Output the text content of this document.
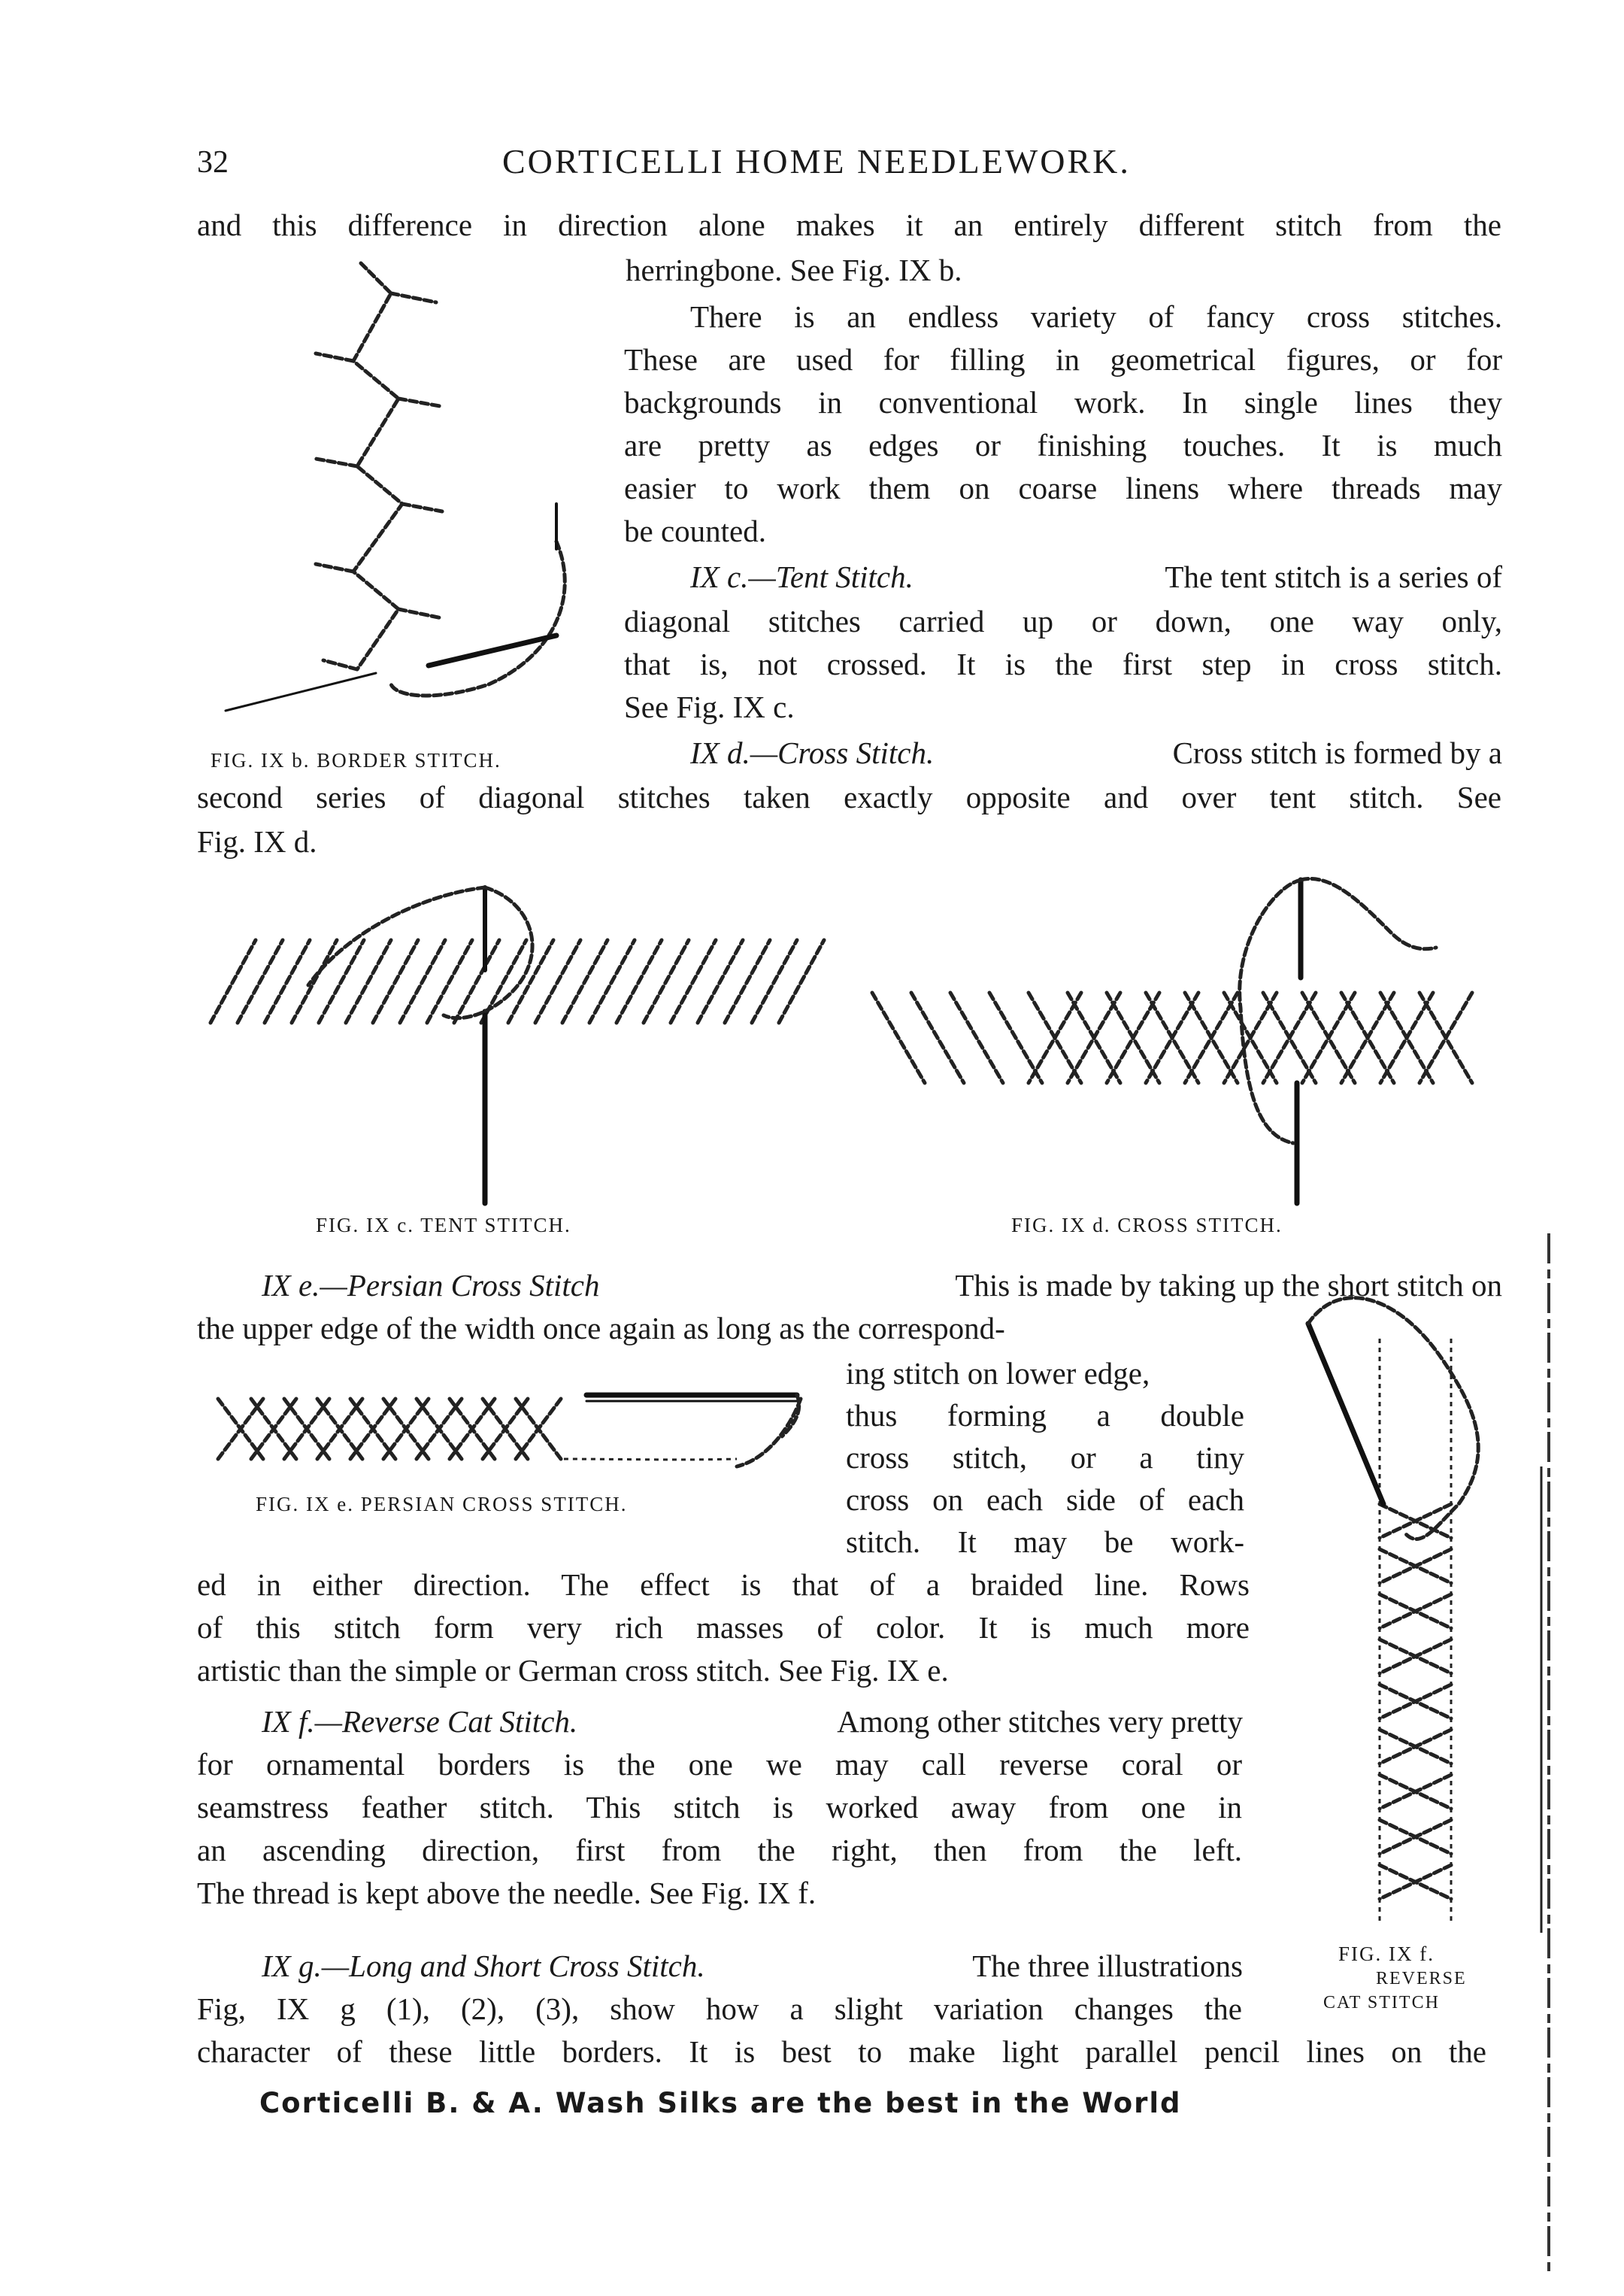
32	CORTICELLI HOME NEEDLEWORK.
and this difference in direction alone makes it an entirely different stitch from the
herringbone. See Fig. IX b.
There is an endless variety of fancy cross stitches.
These are used for filling in geometrical figures, or for
backgrounds in conventional work. In single lines they
are pretty as edges or finishing touches. It is much
easier to work them on coarse linens where threads may
be counted.
IX c.—Tent Stitch.	The tent stitch is a series of
diagonal stitches carried up or down, one way only,
that is, not crossed. It is the first step in cross stitch.
See Fig. IX c.
IX d.—Cross Stitch.	Cross stitch is formed by a
second series of diagonal stitches taken exactly opposite and over tent stitch. See
Fig. IX d.
FIG. IX b. BORDER STITCH.
FIG. IX c. TENT STITCH.	FIG. IX d. CROSS STITCH.
IX e.—Persian Cross Stitch	This is made by taking up the short stitch on
the upper edge of the width once again as long as the correspond-
ing stitch on lower edge,
thus forming a double
cross stitch, or a tiny
cross on each side of each
stitch. It may be work-
ed in either direction. The effect is that of a braided line. Rows
of this stitch form very rich masses of color. It is much more
artistic than the simple or German cross stitch. See Fig. IX e.
FIG. IX e. PERSIAN CROSS STITCH.
IX f.—Reverse Cat Stitch.	Among other stitches very pretty
for ornamental borders is the one we may call reverse coral or
seamstress feather stitch. This stitch is worked away from one in
an ascending direction, first from the right, then from the left.
The thread is kept above the needle. See Fig. IX f.
FIG. IX f.
REVERSE
CAT STITCH
IX g.—Long and Short Cross Stitch.	The three illustrations
Fig, IX g (1), (2), (3), show how a slight variation changes the
character of these little borders. It is best to make light parallel pencil lines on the
Corticelli B. & A. Wash Silks are the best in the World
